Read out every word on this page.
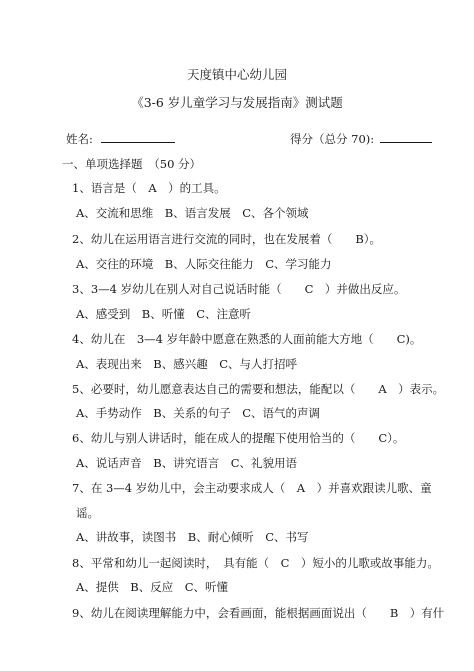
天度镇中心幼儿园
《3-6 岁儿童学习与发展指南》测试题
姓名:	得分（总分 70):
一、单项选择题　（50 分）
1、语言是（　A　）的工具。
A、交流和思维　B、语言发展　C、各个领域
2、幼儿在运用语言进行交流的同时，也在发展着（　　B）。
A、交往的环境　B、人际交往能力　C、学习能力
3、3—4 岁幼儿在别人对自己说话时能（　　C　）并做出反应。
A、感受到　B、听懂　C、注意听
4、幼儿在　3—4 岁年龄中愿意在熟悉的人面前能大方地（　　C)。
A、表现出来　B、感兴趣　C、与人打招呼
5、必要时，幼儿愿意表达自己的需要和想法，能配以（　　A　）表示。
A、手势动作　B、关系的句子　C、语气的声调
6、幼儿与别人讲话时，能在成人的提醒下使用恰当的（　　C）。
A、说话声音　B、讲究语言　C、礼貌用语
7、在 3—4 岁幼儿中，会主动要求成人（　A　）并喜欢跟读儿歌、童
谣。
A、讲故事，读图书　B、耐心倾听　C、书写
8、平常和幼儿一起阅读时，　具有能（　C　）短小的儿歌或故事能力。
A、提供　B、反应　C、听懂
9、幼儿在阅读理解能力中，会看画面，能根据画面说出（　　B　）有什
